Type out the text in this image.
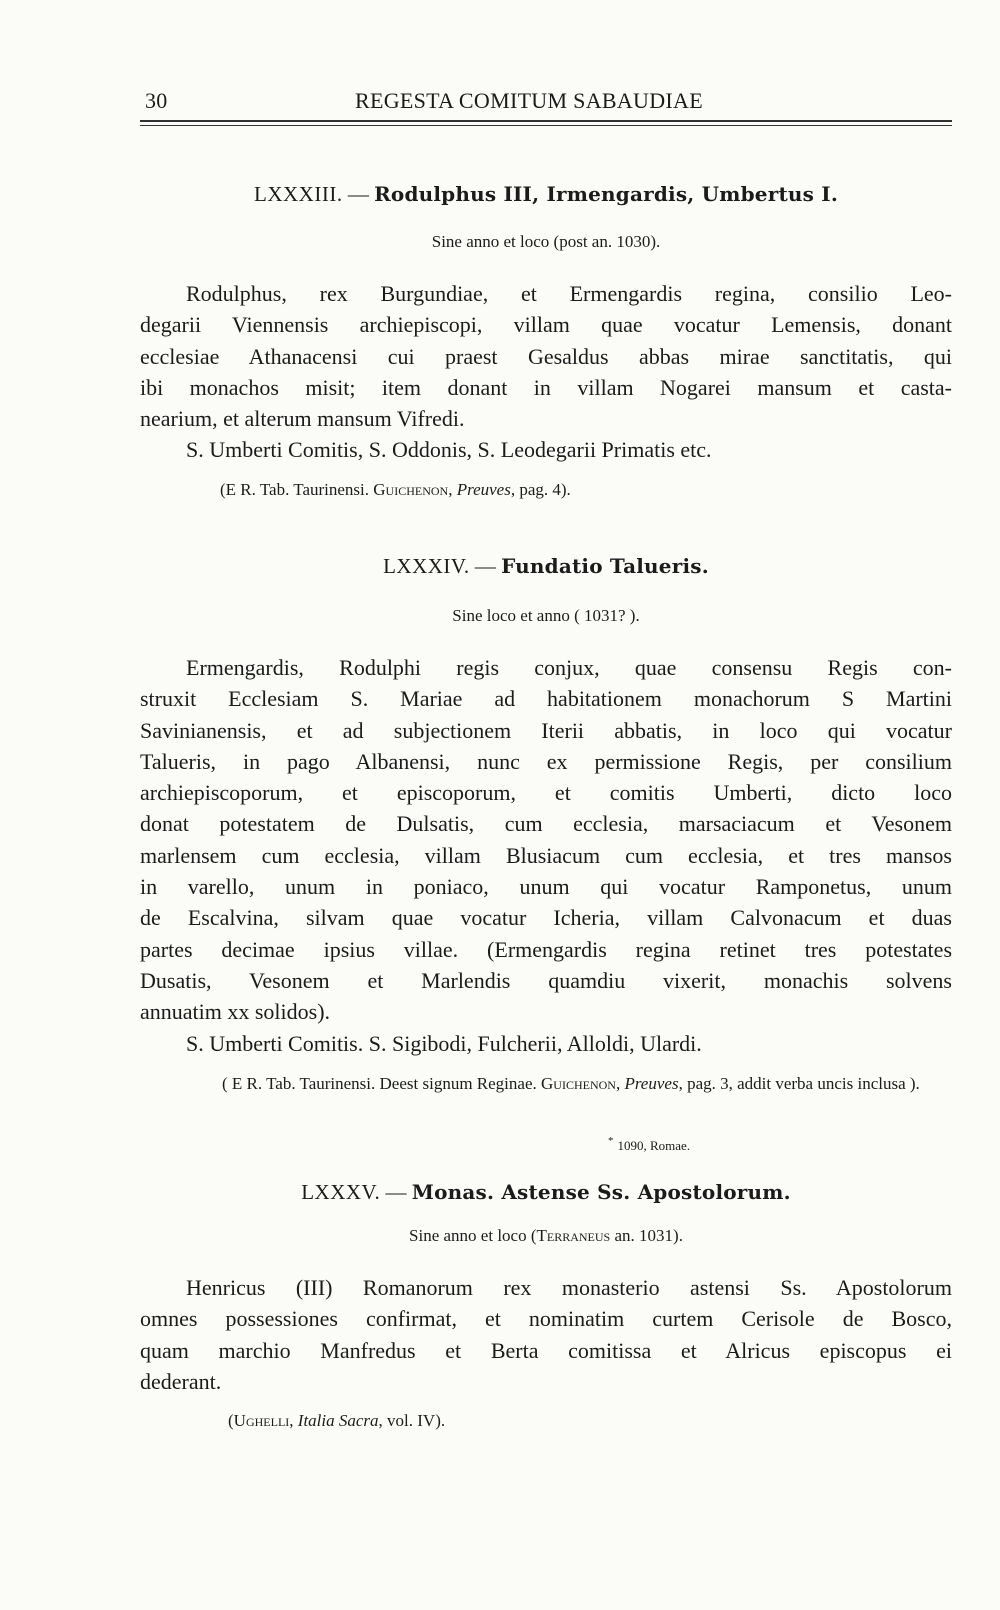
30	REGESTA COMITUM SABAUDIAE
LXXXIII. — Rodulphus III, Irmengardis, Umbertus I.
Sine anno et loco (post an. 1030).
Rodulphus, rex Burgundiae, et Ermengardis regina, consilio Leo-
degarii Viennensis archiepiscopi, villam quae vocatur Lemensis, donant
ecclesiae Athanacensi cui praest Gesaldus abbas mirae sanctitatis, qui
ibi monachos misit; item donant in villam Nogarei mansum et casta-
nearium, et alterum mansum Vifredi.
S. Umberti Comitis, S. Oddonis, S. Leodegarii Primatis etc.
(E R. Tab. Taurinensi. Guichenon, Preuves, pag. 4).
LXXXIV. — Fundatio Talueris.
Sine loco et anno ( 1031? ).
Ermengardis, Rodulphi regis conjux, quae consensu Regis con-
struxit Ecclesiam S. Mariae ad habitationem monachorum S Martini
Savinianensis, et ad subjectionem Iterii abbatis, in loco qui vocatur
Talueris, in pago Albanensi, nunc ex permissione Regis, per consilium
archiepiscoporum, et episcoporum, et comitis Umberti, dicto loco
donat potestatem de Dulsatis, cum ecclesia, marsaciacum et Vesonem
marlensem cum ecclesia, villam Blusiacum cum ecclesia, et tres mansos
in varello, unum in poniaco, unum qui vocatur Ramponetus, unum
de Escalvina, silvam quae vocatur Icheria, villam Calvonacum et duas
partes decimae ipsius villae. (Ermengardis regina retinet tres potestates
Dusatis, Vesonem et Marlendis quamdiu vixerit, monachis solvens
annuatim xx solidos).
S. Umberti Comitis. S. Sigibodi, Fulcherii, Alloldi, Ulardi.
( E R. Tab. Taurinensi. Deest signum Reginae. Guichenon, Preuves, pag. 3, addit verba uncis inclusa ).
* 1090, Romae.
LXXXV. — Monas. Astense Ss. Apostolorum.
Sine anno et loco (Terraneus an. 1031).
Henricus (III) Romanorum rex monasterio astensi Ss. Apostolorum
omnes possessiones confirmat, et nominatim curtem Cerisole de Bosco,
quam marchio Manfredus et Berta comitissa et Alricus episcopus ei
dederant.
(Ughelli, Italia Sacra, vol. IV).
